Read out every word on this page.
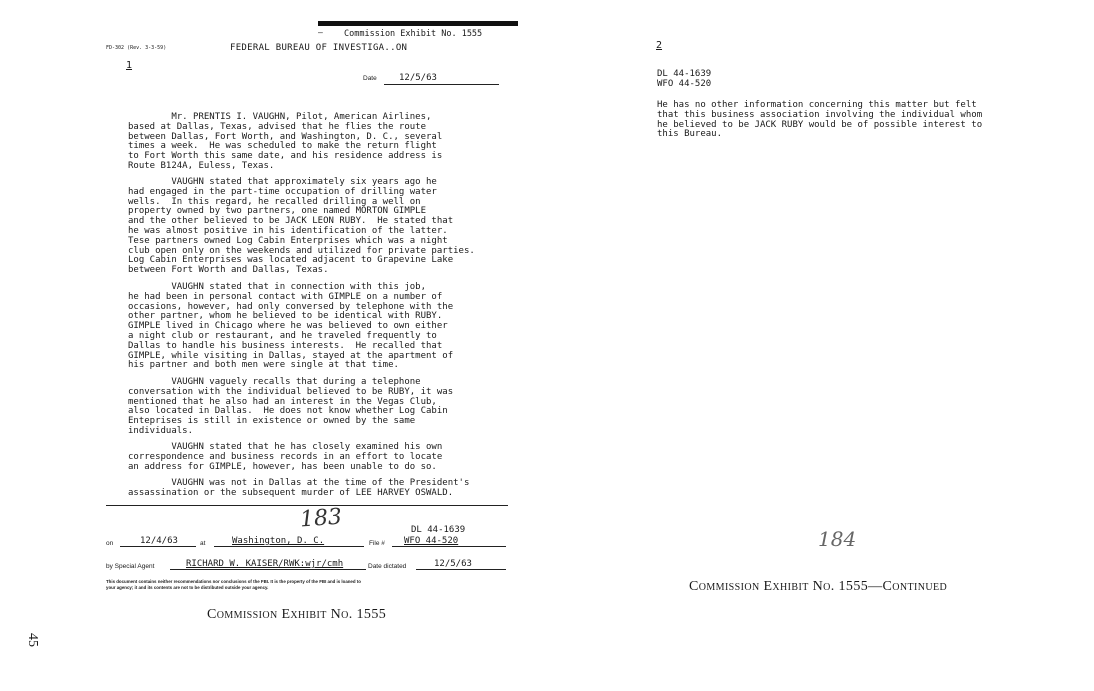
— Commission Exhibit No. 1555
FD-302 (Rev. 3-3-59)	FEDERAL BUREAU OF INVESTIGA..ON
1
Date 12/5/63
Mr. PRENTIS I. VAUGHN, Pilot, American Airlines,
based at Dallas, Texas, advised that he flies the route
between Dallas, Fort Worth, and Washington, D. C., several
times a week.  He was scheduled to make the return flight
to Fort Worth this same date, and his residence address is
Route B124A, Euless, Texas.
VAUGHN stated that approximately six years ago he
had engaged in the part-time occupation of drilling water
wells.  In this regard, he recalled drilling a well on
property owned by two partners, one named MORTON GIMPLE
and the other believed to be JACK LEON RUBY.  He stated that
he was almost positive in his identification of the latter.
Tese partners owned Log Cabin Enterprises which was a night
club open only on the weekends and utilized for private parties.
Log Cabin Enterprises was located adjacent to Grapevine Lake
between Fort Worth and Dallas, Texas.
VAUGHN stated that in connection with this job,
he had been in personal contact with GIMPLE on a number of
occasions, however, had only conversed by telephone with the
other partner, whom he believed to be identical with RUBY.
GIMPLE lived in Chicago where he was believed to own either
a night club or restaurant, and he traveled frequently to
Dallas to handle his business interests.  He recalled that
GIMPLE, while visiting in Dallas, stayed at the apartment of
his partner and both men were single at that time.
VAUGHN vaguely recalls that during a telephone
conversation with the individual believed to be RUBY, it was
mentioned that he also had an interest in the Vegas Club,
also located in Dallas.  He does not know whether Log Cabin
Enteprises is still in existence or owned by the same
individuals.
VAUGHN stated that he has closely examined his own
correspondence and business records in an effort to locate
an address for GIMPLE, however, has been unable to do so.
VAUGHN was not in Dallas at the time of the President's
assassination or the subsequent murder of LEE HARVEY OSWALD.
183	DL 44-1639
on	12/4/63	at	Washington, D. C.	File # WFO 44-520
by Special Agent	RICHARD W. KAISER/RWK:wjr/cmh	Date dictated	12/5/63
This document contains neither recommendations nor conclusions of the FBI. It is the property of the FBI and is loaned to
your agency; it and its contents are not to be distributed outside your agency.
Commission Exhibit No. 1555
45
2
DL 44-1639
WFO 44-520
He has no other information concerning this matter but felt
that this business association involving the individual whom
he believed to be JACK RUBY would be of possible interest to
this Bureau.
184
Commission Exhibit No. 1555—Continued
